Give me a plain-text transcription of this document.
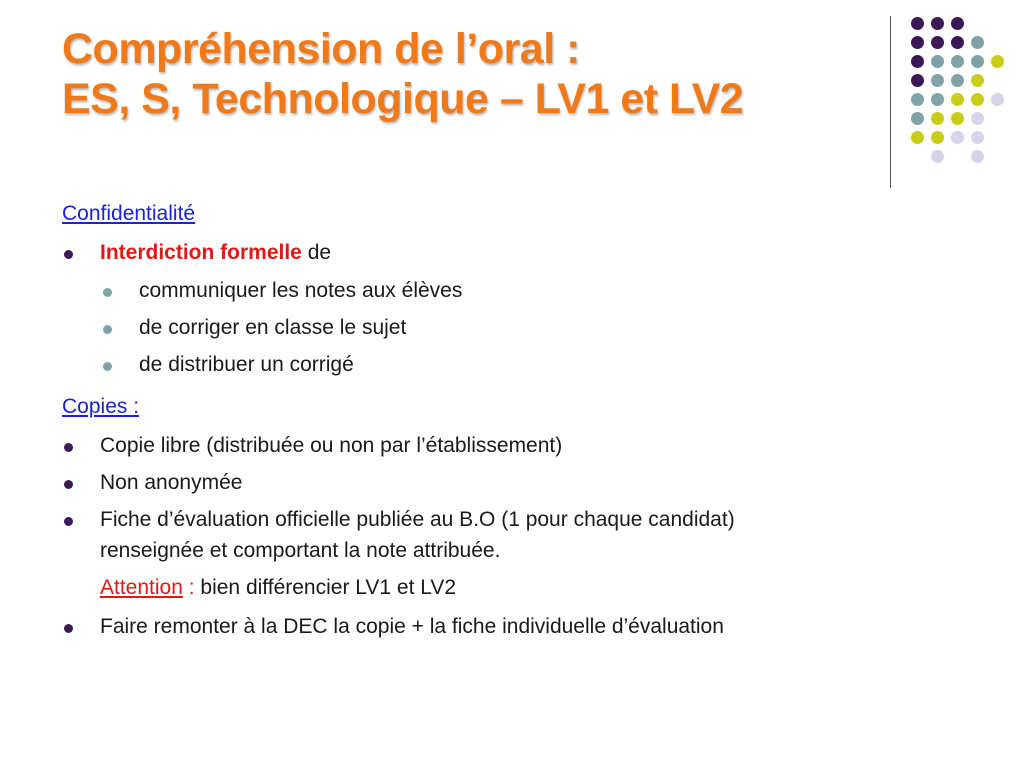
Compréhension de l’oral :
ES, S, Technologique – LV1 et LV2
Confidentialité
Interdiction formelle de
communiquer les notes aux élèves
de corriger en classe le sujet
de distribuer un corrigé
Copies :
Copie libre (distribuée ou non par l’établissement)
Non anonymée
Fiche d’évaluation officielle publiée au B.O (1 pour chaque candidat)
renseignée et comportant la note attribuée.
Attention : bien différencier LV1 et LV2
Faire remonter à la DEC la copie + la fiche individuelle d’évaluation
